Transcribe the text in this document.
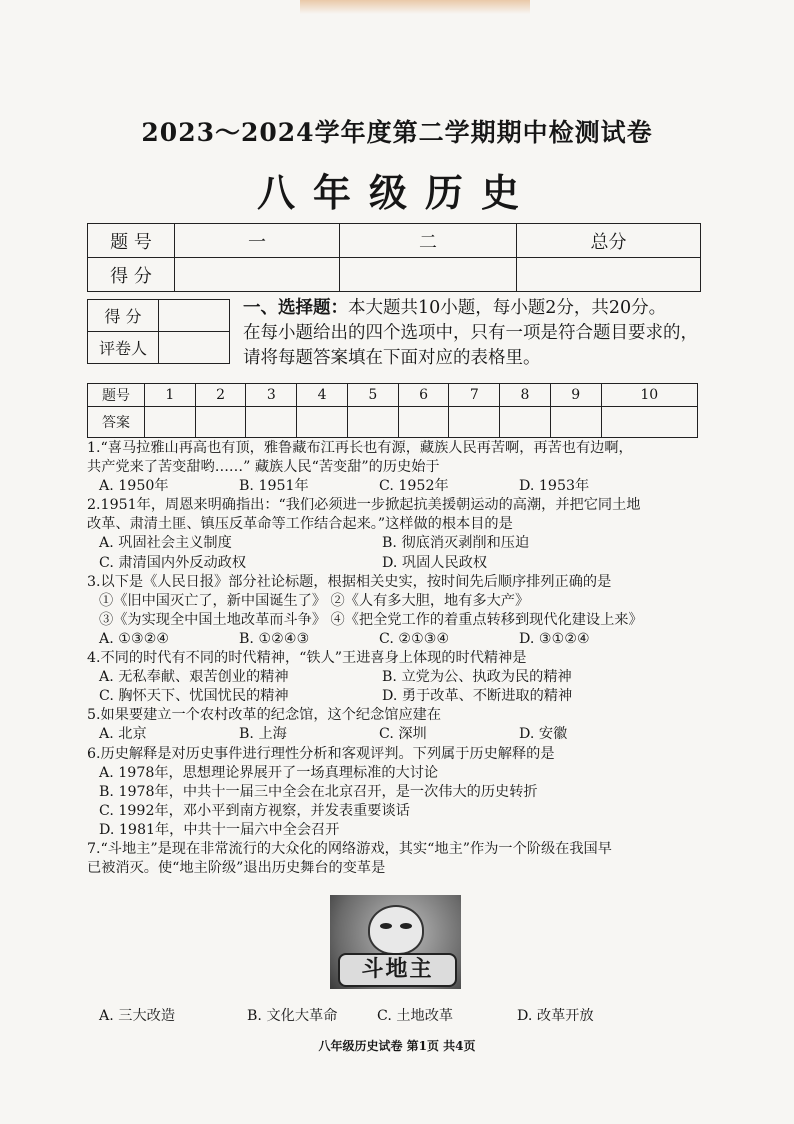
2023～2024学年度第二学期期中检测试卷
八年级历史
题 号	一	二	总分
得 分			
得 分	
评卷人	
一、选择题：本大题共10小题，每小题2分，共20分。
在每小题给出的四个选项中，只有一项是符合题目要求的，
请将每题答案填在下面对应的表格里。
题号	1	2	3	4	5	6	7	8	9	10
答案										
1.“喜马拉雅山再高也有顶，雅鲁藏布江再长也有源，藏族人民再苦啊，再苦也有边啊，
共产党来了苦变甜哟……” 藏族人民“苦变甜”的历史始于
A. 1950年	B. 1951年	C. 1952年	D. 1953年
2.1951年，周恩来明确指出：“我们必须进一步掀起抗美援朝运动的高潮，并把它同土地
改革、肃清土匪、镇压反革命等工作结合起来。”这样做的根本目的是
A. 巩固社会主义制度	B. 彻底消灭剥削和压迫
C. 肃清国内外反动政权	D. 巩固人民政权
3.以下是《人民日报》部分社论标题，根据相关史实，按时间先后顺序排列正确的是
①《旧中国灭亡了，新中国诞生了》 ②《人有多大胆，地有多大产》
③《为实现全中国土地改革而斗争》 ④《把全党工作的着重点转移到现代化建设上来》
A. ①③②④	B. ①②④③	C. ②①③④	D. ③①②④
4.不同的时代有不同的时代精神，“铁人”王进喜身上体现的时代精神是
A. 无私奉献、艰苦创业的精神	B. 立党为公、执政为民的精神
C. 胸怀天下、忧国忧民的精神	D. 勇于改革、不断进取的精神
5.如果要建立一个农村改革的纪念馆，这个纪念馆应建在
A. 北京	B. 上海	C. 深圳	D. 安徽
6.历史解释是对历史事件进行理性分析和客观评判。下列属于历史解释的是
A. 1978年，思想理论界展开了一场真理标准的大讨论
B. 1978年，中共十一届三中全会在北京召开，是一次伟大的历史转折
C. 1992年，邓小平到南方视察，并发表重要谈话
D. 1981年，中共十一届六中全会召开
7.“斗地主”是现在非常流行的大众化的网络游戏，其实“地主”作为一个阶级在我国早
已被消灭。使“地主阶级”退出历史舞台的变革是
斗地主
A. 三大改造	B. 文化大革命	C. 土地改革	D. 改革开放
八年级历史试卷 第1页 共4页
